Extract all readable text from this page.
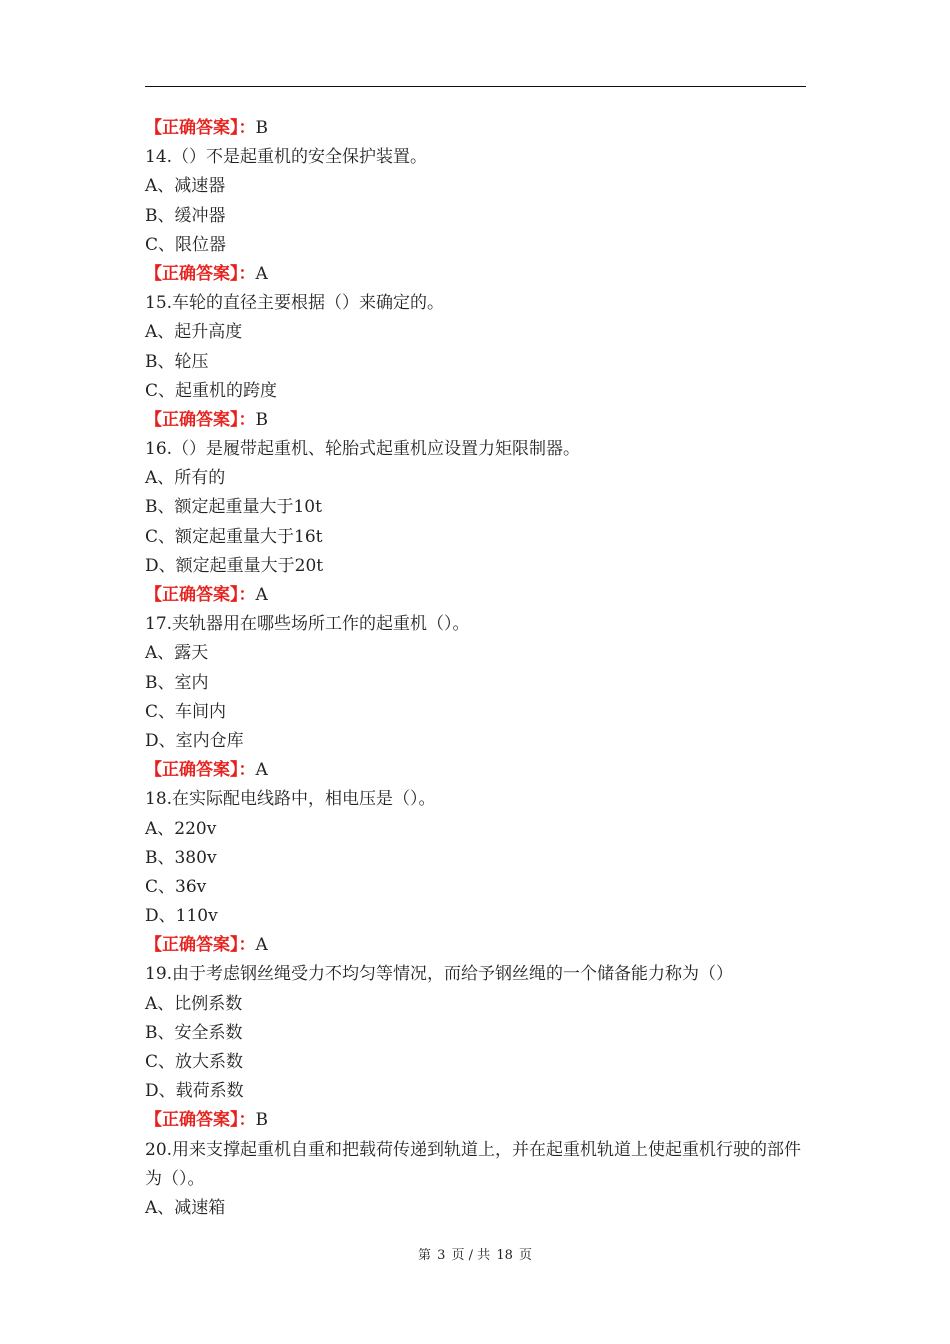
【正确答案】：B
14.（）不是起重机的安全保护装置。
A、减速器
B、缓冲器
C、限位器
【正确答案】：A
15.车轮的直径主要根据（）来确定的。
A、起升高度
B、轮压
C、起重机的跨度
【正确答案】：B
16.（）是履带起重机、轮胎式起重机应设置力矩限制器。
A、所有的
B、额定起重量大于10t
C、额定起重量大于16t
D、额定起重量大于20t
【正确答案】：A
17.夹轨器用在哪些场所工作的起重机（）。
A、露天
B、室内
C、车间内
D、室内仓库
【正确答案】：A
18.在实际配电线路中，相电压是（）。
A、220v
B、380v
C、36v
D、110v
【正确答案】：A
19.由于考虑钢丝绳受力不均匀等情况，而给予钢丝绳的一个储备能力称为（）
A、比例系数
B、安全系数
C、放大系数
D、载荷系数
【正确答案】：B
20.用来支撑起重机自重和把载荷传递到轨道上，并在起重机轨道上使起重机行驶的部件为（）。
A、减速箱
第 3 页 / 共 18 页
